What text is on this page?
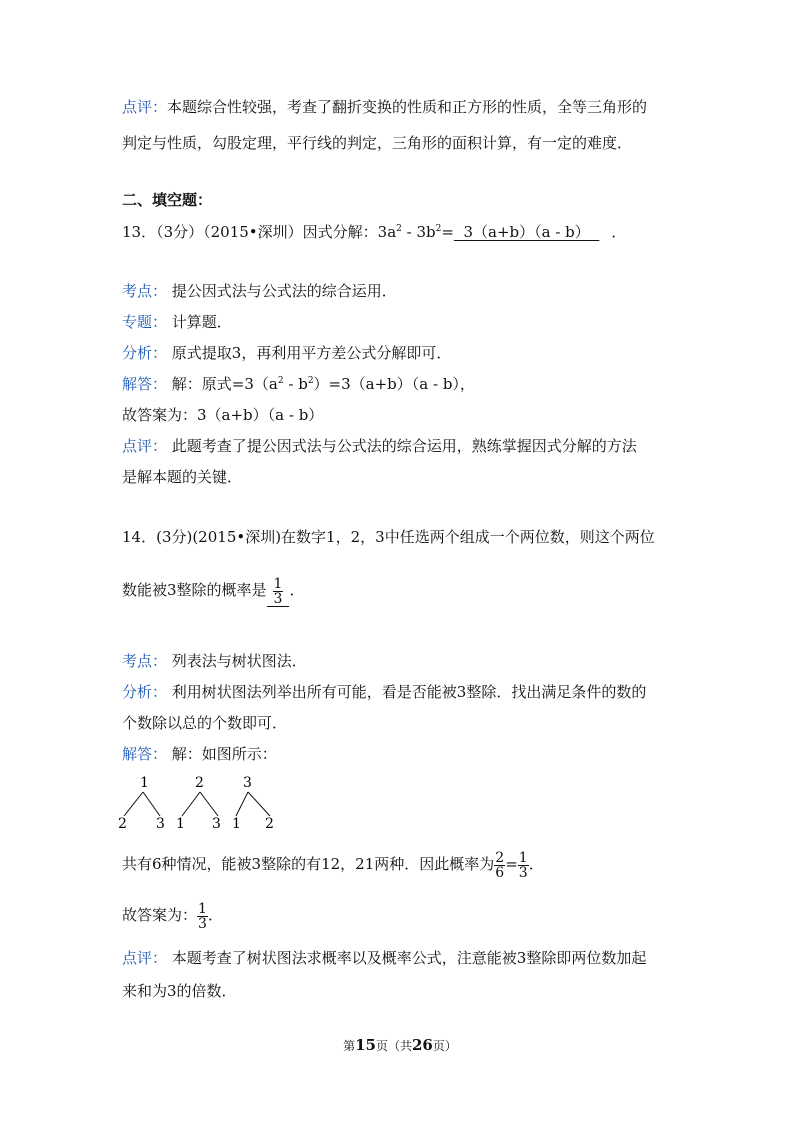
点评：本题综合性较强，考查了翻折变换的性质和正方形的性质，全等三角形的
判定与性质，勾股定理，平行线的判定，三角形的面积计算，有一定的难度．
二、填空题：
13．（3分）（2015•深圳）因式分解：$3a^2 - 3b^2= 3(a+b)(a - b)$  ．
考点： 提公因式法与公式法的综合运用．
专题： 计算题．
分析： 原式提取3，再利用平方差公式分解即可．
解答： 解：原式$=3(a^2 - b^2)=3(a+b)(a - b)$，
故答案为：3（a+b）（a - b）
点评： 此题考查了提公因式法与公式法的综合运用，熟练掌握因式分解的方法
是解本题的关键．
14．(3分)(2015•深圳)在数字1，2，3中任选两个组成一个两位数，则这个两位
数能被3整除的概率是 $\frac{1}{3}$ ．
考点： 列表法与树状图法．
分析： 利用树状图法列举出所有可能，看是否能被3整除．找出满足条件的数的
个数除以总的个数即可．
解答： 解：如图所示：
1
2 3
2
1 3
3
1 2
共有6种情况，能被3整除的有12，21两种．因此概率为 $\frac{2}{6} = \frac{1}{3}$ ．
故答案为： $\frac{1}{3}$ ．
点评： 本题考查了树状图法求概率以及概率公式，注意能被3整除即两位数加起
来和为3的倍数．
第15页（共26页）
